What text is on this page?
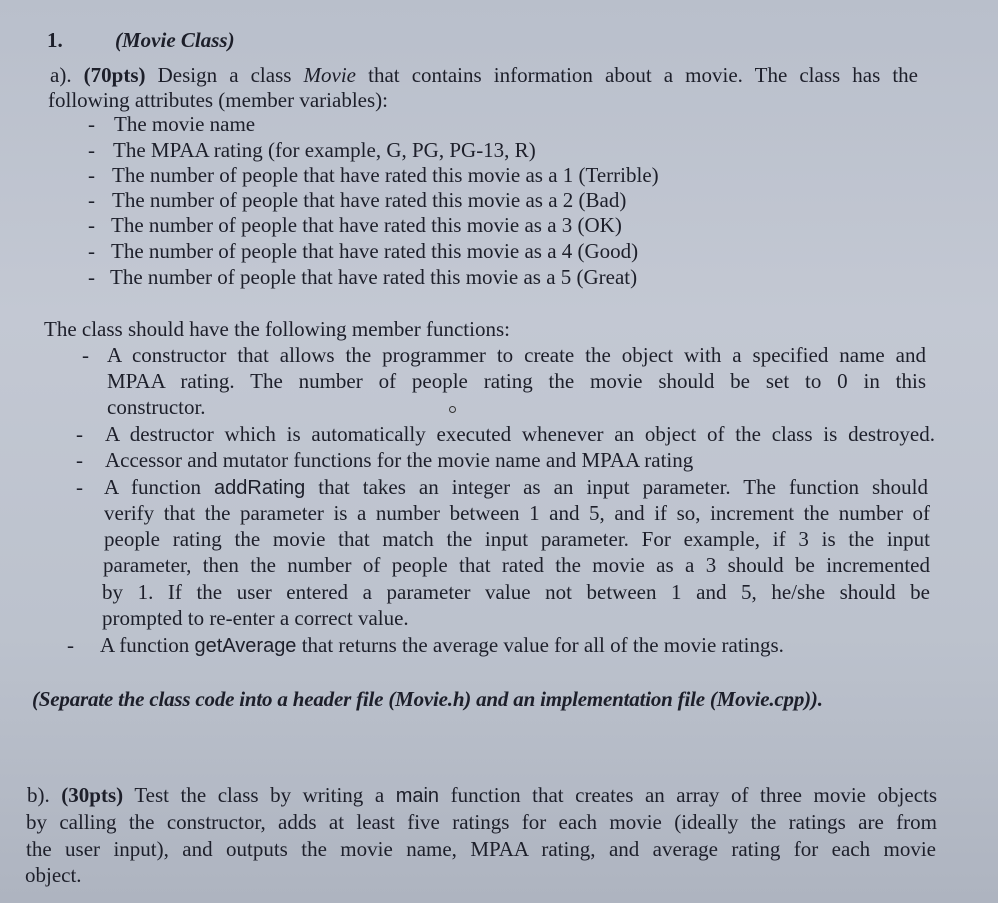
1. (Movie Class)
a). (70pts) Design a class Movie that contains information about a movie. The class has the
following attributes (member variables):
- The movie name
- The MPAA rating (for example, G, PG, PG-13, R)
- The number of people that have rated this movie as a 1 (Terrible)
- The number of people that have rated this movie as a 2 (Bad)
- The number of people that have rated this movie as a 3 (OK)
- The number of people that have rated this movie as a 4 (Good)
- The number of people that have rated this movie as a 5 (Great)
The class should have the following member functions:
- A constructor that allows the programmer to create the object with a specified name and
MPAA rating. The number of people rating the movie should be set to 0 in this
constructor.
- A destructor which is automatically executed whenever an object of the class is destroyed.
- Accessor and mutator functions for the movie name and MPAA rating
- A function addRating that takes an integer as an input parameter. The function should
verify that the parameter is a number between 1 and 5, and if so, increment the number of
people rating the movie that match the input parameter. For example, if 3 is the input
parameter, then the number of people that rated the movie as a 3 should be incremented
by 1. If the user entered a parameter value not between 1 and 5, he/she should be
prompted to re-enter a correct value.
- A function getAverage that returns the average value for all of the movie ratings.
(Separate the class code into a header file (Movie.h) and an implementation file (Movie.cpp)).
b). (30pts) Test the class by writing a main function that creates an array of three movie objects
by calling the constructor, adds at least five ratings for each movie (ideally the ratings are from
the user input), and outputs the movie name, MPAA rating, and average rating for each movie
object.
